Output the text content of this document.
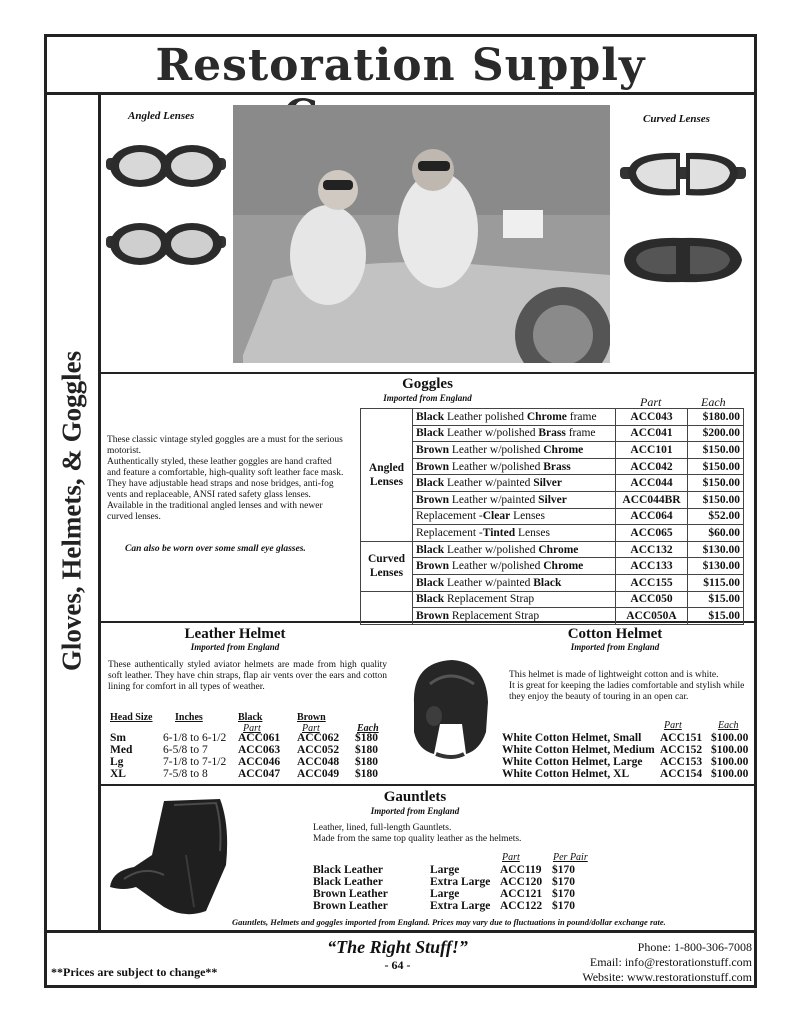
Restoration Supply
Gloves, Helmets, & Goggles
Angled Lenses	Curved Lenses
Goggles
Imported from England	Part	Each
These classic vintage styled goggles are a must for the serious motorist.
Authentically styled, these leather goggles are hand crafted and feature a comfortable, high-quality soft leather face mask.
They have adjustable head straps and nose bridges, anti-fog vents and replaceable, ANSI rated safety glass lenses. Available in the traditional angled lenses and with newer curved lenses.
Can also be worn over some small eye glasses.
Angled
Lenses	Black Leather polished Chrome frame	ACC043	$180.00
	Black Leather w/polished Brass frame	ACC041	$200.00
	Brown Leather w/polished Chrome	ACC101	$150.00
	Brown Leather w/polished Brass	ACC042	$150.00
	Black Leather w/painted Silver	ACC044	$150.00
	Brown Leather w/painted Silver	ACC044BR	$150.00
	Replacement -Clear Lenses	ACC064	$52.00
	Replacement -Tinted Lenses	ACC065	$60.00
Curved
Lenses	Black Leather w/polished Chrome	ACC132	$130.00
	Brown Leather w/polished Chrome	ACC133	$130.00
	Black Leather w/painted Black	ACC155	$115.00
	Black Replacement Strap	ACC050	$15.00
	Brown Replacement Strap	ACC050A	$15.00
Leather Helmet
Imported from England
These authentically styled aviator helmets are made from high quality soft leather. They have chin straps, flap air vents over the ears and cotton lining for comfort in all types of weather.
Head Size Inches	Black	Brown
Part	Part	Each
Sm	6-1/8 to 6-1/2 ACC061 ACC062 $180
Med	6-5/8 to 7	ACC063 ACC052 $180
Lg	7-1/8 to 7-1/2 ACC046 ACC048 $180
XL	7-5/8 to 8	ACC047 ACC049 $180
Cotton Helmet
Imported from England
This helmet is made of lightweight cotton and is white.
It is great for keeping the ladies comfortable and stylish while they enjoy the beauty of touring in an open car.
Part	Each
White Cotton Helmet, Small ACC151 $100.00
White Cotton Helmet, Medium ACC152 $100.00
White Cotton Helmet, Large ACC153 $100.00
White Cotton Helmet, XL	ACC154 $100.00
Gauntlets
Imported from England
Leather, lined, full-length Gauntlets.
Made from the same top quality leather as the helmets.
Part	Per Pair
Black Leather	Large	ACC119 $170
Black Leather	Extra Large ACC120 $170
Brown Leather	Large	ACC121 $170
Brown Leather	Extra Large ACC122 $170
Gauntlets, Helmets and goggles imported from England. Prices may vary due to fluctuations in pound/dollar exchange rate.
“The Right Stuff!”
- 64 -
**Prices are subject to change**
Phone: 1-800-306-7008
Email: info@restorationstuff.com
Website: www.restorationstuff.com
